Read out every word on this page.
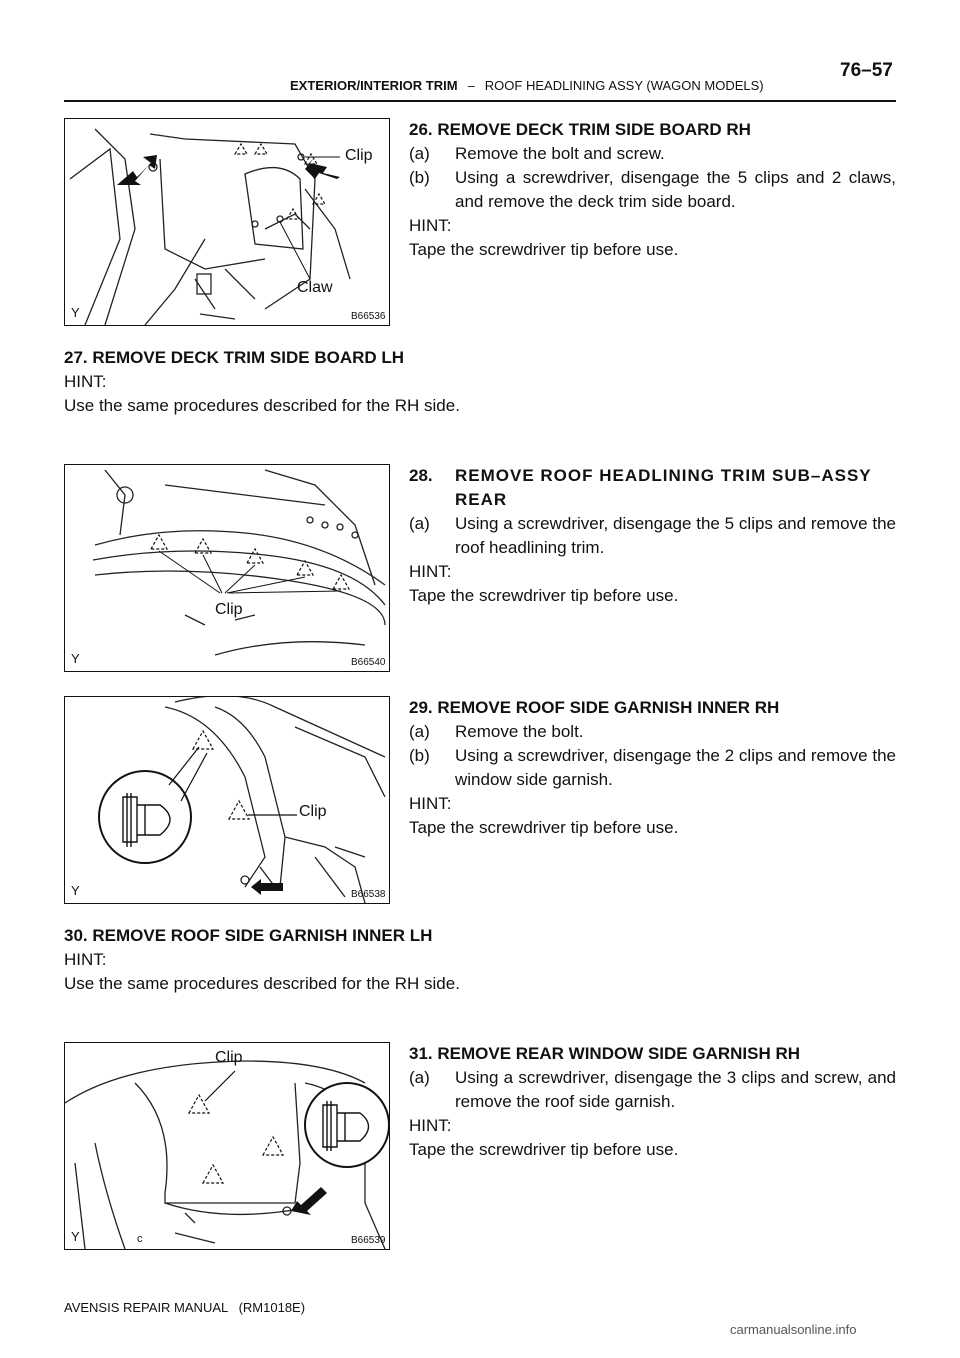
EXTERIOR/INTERIOR TRIM – ROOF HEADLINING ASSY (WAGON MODELS)
76–57
Clip
Claw
Y	B66536
26. REMOVE DECK TRIM SIDE BOARD RH
(a)	Remove the bolt and screw.
(b)	Using a screwdriver, disengage the 5 clips and 2 claws, and remove the deck trim side board.
HINT:
Tape the screwdriver tip before use.
27. REMOVE DECK TRIM SIDE BOARD LH
HINT:
Use the same procedures described for the RH side.
Clip
Y	B66540
28.	REMOVE ROOF HEADLINING TRIM SUB–ASSY REAR
(a)	Using a screwdriver, disengage the 5 clips and remove the roof headlining trim.
HINT:
Tape the screwdriver tip before use.
Clip
Y	B66538
29. REMOVE ROOF SIDE GARNISH INNER RH
(a)	Remove the bolt.
(b)	Using a screwdriver, disengage the 2 clips and remove the window side garnish.
HINT:
Tape the screwdriver tip before use.
30. REMOVE ROOF SIDE GARNISH INNER LH
HINT:
Use the same procedures described for the RH side.
Clip
Y	c	B66539
31. REMOVE REAR WINDOW SIDE GARNISH RH
(a)	Using a screwdriver, disengage the 3 clips and screw, and remove the roof side garnish.
HINT:
Tape the screwdriver tip before use.
AVENSIS REPAIR MANUAL   (RM1018E)
carmanualsonline.info
